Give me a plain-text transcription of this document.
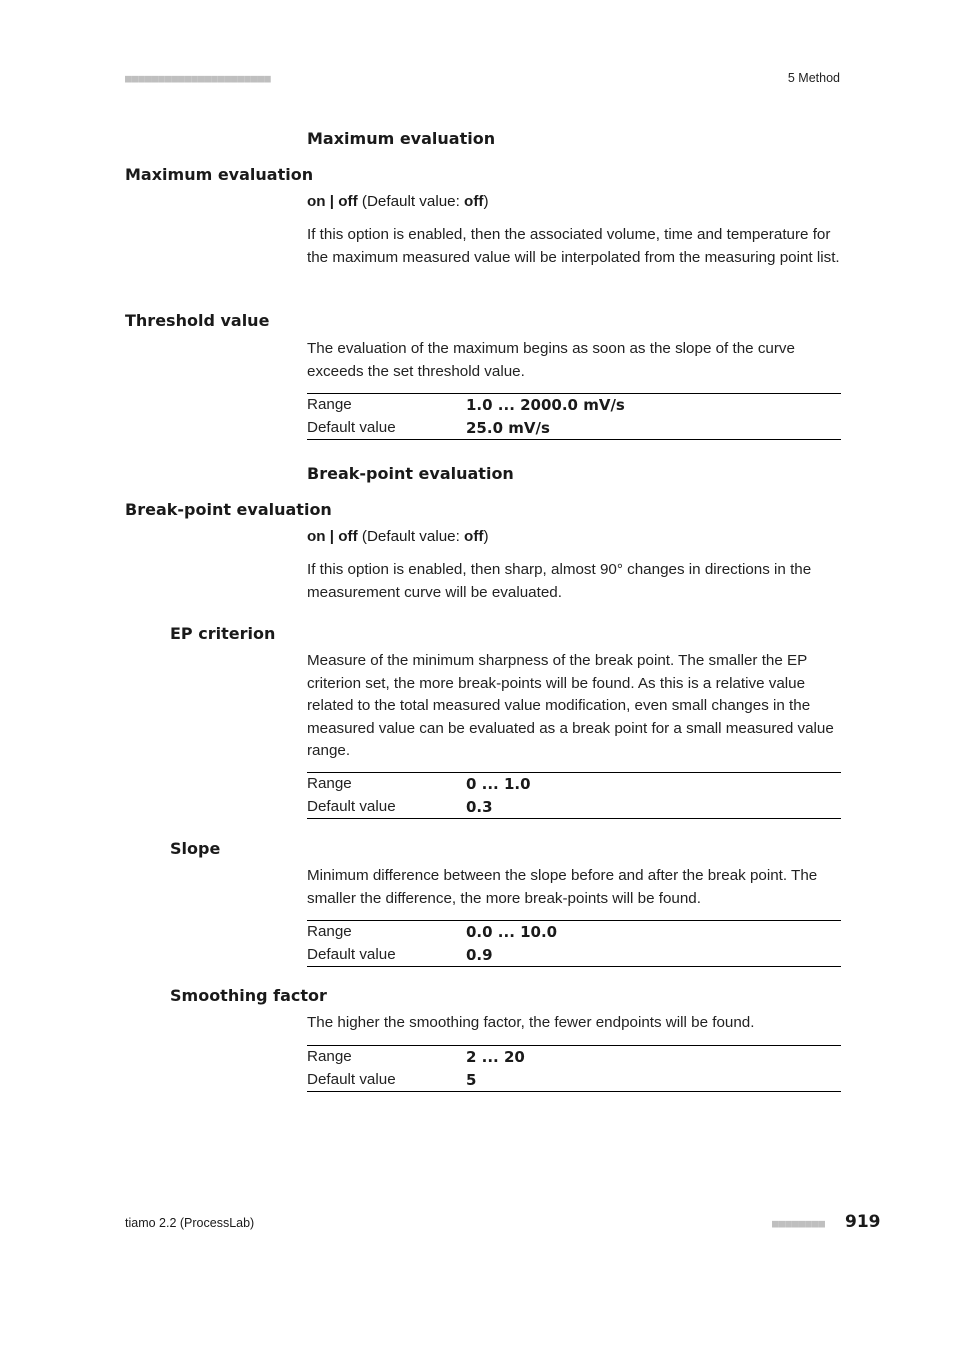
■■■■■■■■■■■■■■■■■■■■■■	5 Method
Maximum evaluation
Maximum evaluation
on | off (Default value: off)
If this option is enabled, then the associated volume, time and temperature for the maximum measured value will be interpolated from the measuring point list.
Threshold value
The evaluation of the maximum begins as soon as the slope of the curve exceeds the set threshold value.
Range	1.0 ... 2000.0 mV/s
Default value	25.0 mV/s
Break-point evaluation
Break-point evaluation
on | off (Default value: off)
If this option is enabled, then sharp, almost 90° changes in directions in the measurement curve will be evaluated.
EP criterion
Measure of the minimum sharpness of the break point. The smaller the EP criterion set, the more break-points will be found. As this is a relative value related to the total measured value modification, even small changes in the measured value can be evaluated as a break point for a small measured value range.
Range	0 ... 1.0
Default value	0.3
Slope
Minimum difference between the slope before and after the break point. The smaller the difference, the more break-points will be found.
Range	0.0 ... 10.0
Default value	0.9
Smoothing factor
The higher the smoothing factor, the fewer endpoints will be found.
Range	2 ... 20
Default value	5
tiamo 2.2 (ProcessLab)	■■■■■■■■ 919
